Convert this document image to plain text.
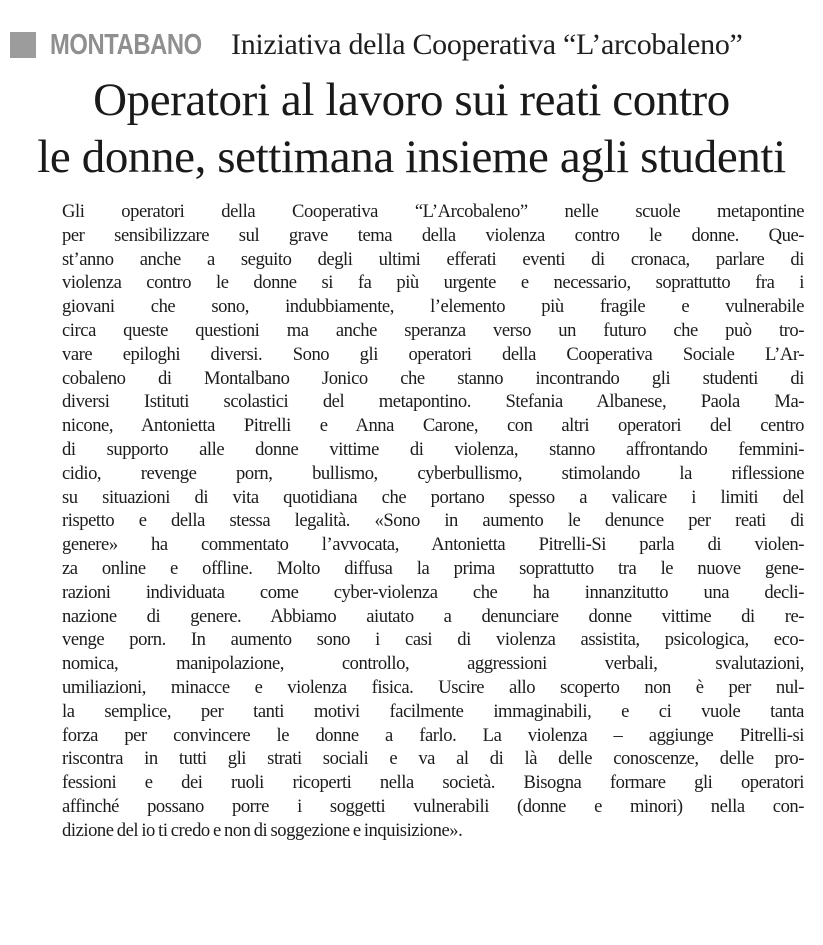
MONTABANO Iniziativa della Cooperativa “L’arcobaleno”
Operatori al lavoro sui reati contro
le donne, settimana insieme agli studenti
Gli operatori della Cooperativa “L’Arcobaleno” nelle scuole metapontine
per sensibilizzare sul grave tema della violenza contro le donne. Que-
st’anno anche a seguito degli ultimi efferati eventi di cronaca, parlare di
violenza contro le donne si fa più urgente e necessario, soprattutto fra i
giovani che sono, indubbiamente, l’elemento più fragile e vulnerabile
circa queste questioni ma anche speranza verso un futuro che può tro-
vare epiloghi diversi. Sono gli operatori della Cooperativa Sociale L’Ar-
cobaleno di Montalbano Jonico che stanno incontrando gli studenti di
diversi Istituti scolastici del metapontino. Stefania Albanese, Paola Ma-
nicone, Antonietta Pitrelli e Anna Carone, con altri operatori del centro
di supporto alle donne vittime di violenza, stanno affrontando femmini-
cidio, revenge porn, bullismo, cyberbullismo, stimolando la riflessione
su situazioni di vita quotidiana che portano spesso a valicare i limiti del
rispetto e della stessa legalità. «Sono in aumento le denunce per reati di
genere» ha commentato l’avvocata, Antonietta Pitrelli-Si parla di violen-
za online e offline. Molto diffusa la prima soprattutto tra le nuove gene-
razioni individuata come cyber-violenza che ha innanzitutto una decli-
nazione di genere. Abbiamo aiutato a denunciare donne vittime di re-
venge porn. In aumento sono i casi di violenza assistita, psicologica, eco-
nomica, manipolazione, controllo, aggressioni verbali, svalutazioni,
umiliazioni, minacce e violenza fisica. Uscire allo scoperto non è per nul-
la semplice, per tanti motivi facilmente immaginabili, e ci vuole tanta
forza per convincere le donne a farlo. La violenza – aggiunge Pitrelli-si
riscontra in tutti gli strati sociali e va al di là delle conoscenze, delle pro-
fessioni e dei ruoli ricoperti nella società. Bisogna formare gli operatori
affinché possano porre i soggetti vulnerabili (donne e minori) nella con-
dizione del io ti credo e non di soggezione e inquisizione».
